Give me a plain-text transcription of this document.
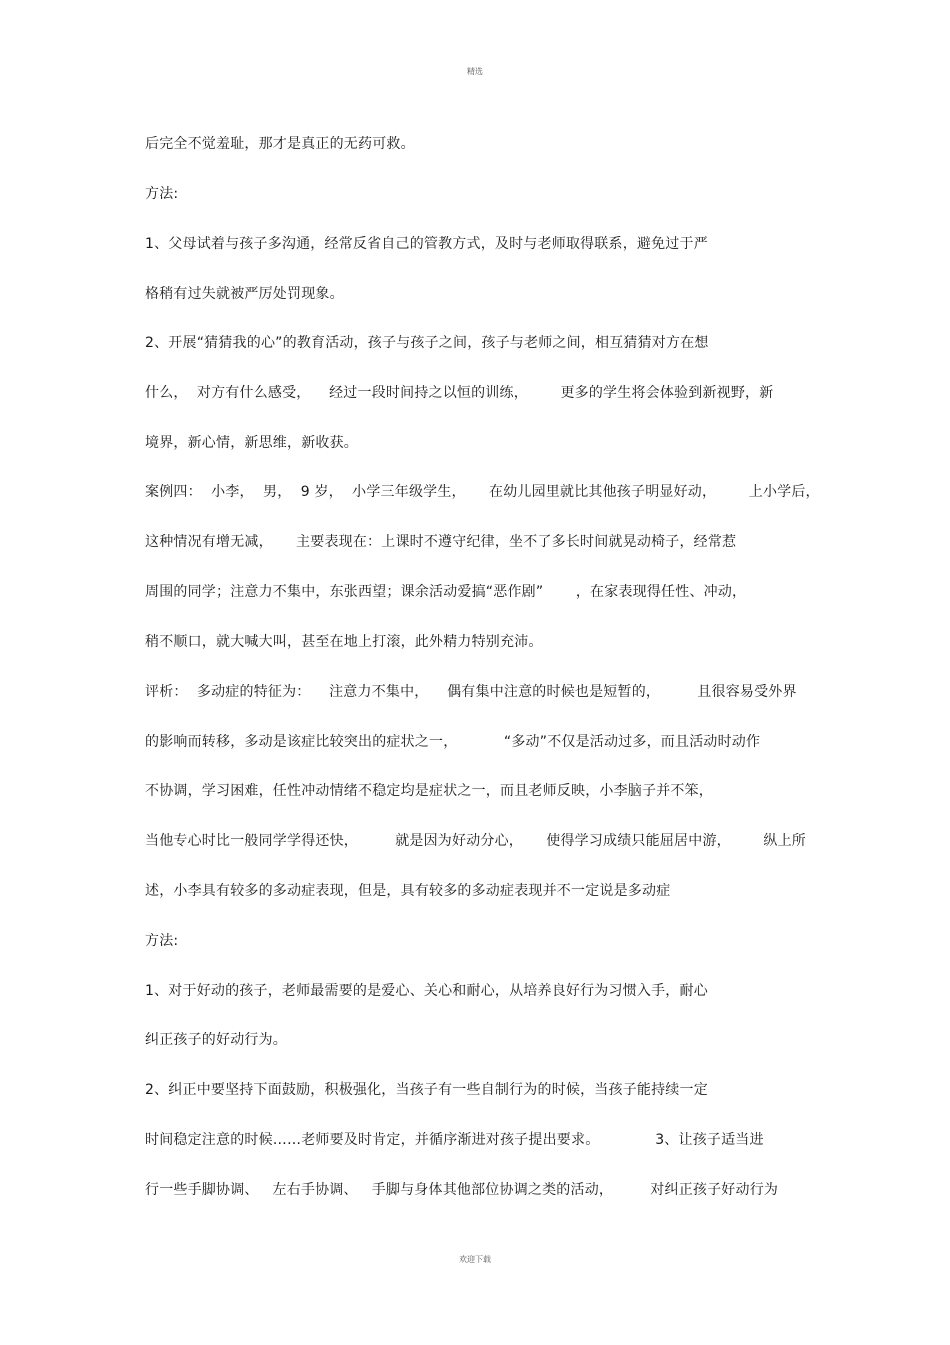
精选
后完全不觉羞耻，那才是真正的无药可救。
方法:
1、父母试着与孩子多沟通，经常反省自己的管教方式，及时与老师取得联系，避免过于严
格稍有过失就被严厉处罚现象。
2、开展“猜猜我的心”的教育活动，孩子与孩子之间，孩子与老师之间，相互猜猜对方在想
什么，  对方有什么感受，    经过一段时间持之以恒的训练，       更多的学生将会体验到新视野，新
境界，新心情，新思维，新收获。
案例四：  小李，  男，  9 岁，  小学三年级学生，     在幼儿园里就比其他孩子明显好动，       上小学后，
这种情况有增无减，     主要表现在：上课时不遵守纪律，坐不了多长时间就晃动椅子，经常惹
周围的同学；注意力不集中，东张西望；课余活动爱搞“恶作剧”       ，在家表现得任性、冲动，
稍不顺口，就大喊大叫，甚至在地上打滚，此外精力特别充沛。
评析：  多动症的特征为：    注意力不集中，    偶有集中注意的时候也是短暂的，        且很容易受外界
的影响而转移，多动是该症比较突出的症状之一，          “多动”不仅是活动过多，而且活动时动作
不协调，学习困难，任性冲动情绪不稳定均是症状之一，而且老师反映，小李脑子并不笨，
当他专心时比一般同学学得还快，        就是因为好动分心，     使得学习成绩只能屈居中游，       纵上所
述，小李具有较多的多动症表现，但是，具有较多的多动症表现并不一定说是多动症
方法:
1、对于好动的孩子，老师最需要的是爱心、关心和耐心，从培养良好行为习惯入手，耐心
纠正孩子的好动行为。
2、纠正中要坚持下面鼓励，积极强化，当孩子有一些自制行为的时候，当孩子能持续一定
时间稳定注意的时候……老师要及时肯定，并循序渐进对孩子提出要求。            3、让孩子适当进
行一些手脚协调、   左右手协调、   手脚与身体其他部位协调之类的活动，        对纠正孩子好动行为
欢迎下载
